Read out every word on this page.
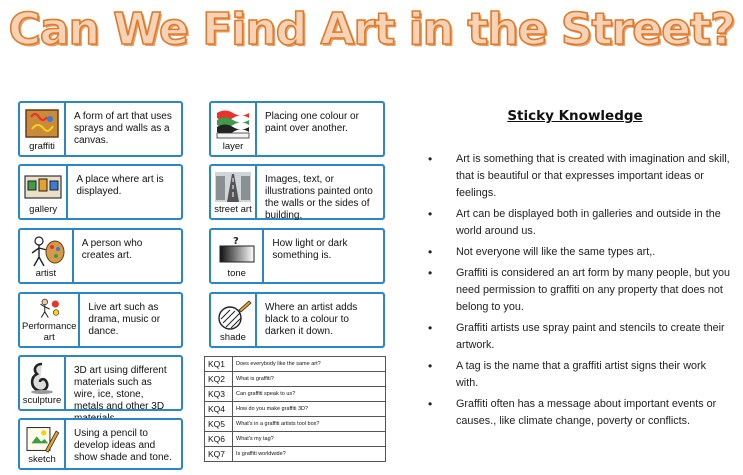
Can We Find Art in the Street?
graffiti
A form of art that uses sprays and walls as a canvas.
gallery
A place where art is displayed.
artist
A person who creates art.
Performance art
Live art such as drama, music or dance.
sculpture
3D art using different materials such as wire, ice, stone, metals and other 3D
sketch
Using a pencil to develop ideas and show shade and tone.
layer
Placing one colour or paint over another.
street art
Images, text, or illustrations painted onto the walls or the sides of building.
?
tone
How light or dark something is.
shade
Where an artist adds black to a colour to darken it down.
KQ1	Does everybody like the same art?
KQ2	What is graffiti?
KQ3	Can graffiti speak to us?
KQ4	How do you make graffiti 3D?
KQ5	What's in a graffiti artists tool box?
KQ6	What's my tag?
KQ7	Is graffiti worldwide?
Sticky Knowledge
• Art is something that is created with imagination and skill, that is beautiful or that expresses important ideas or feelings.
• Art can be displayed both in galleries and outside in the world around us.
• Not everyone will like the same types art,.
• Graffiti is considered an art form by many people, but you need permission to graffiti on any property that does not belong to you.
• Graffiti artists use spray paint and stencils to create their artwork.
• A tag is the name that a graffiti artist signs their work with.
• Graffiti often has a message about important events or causes., like climate change, poverty or conflicts.
